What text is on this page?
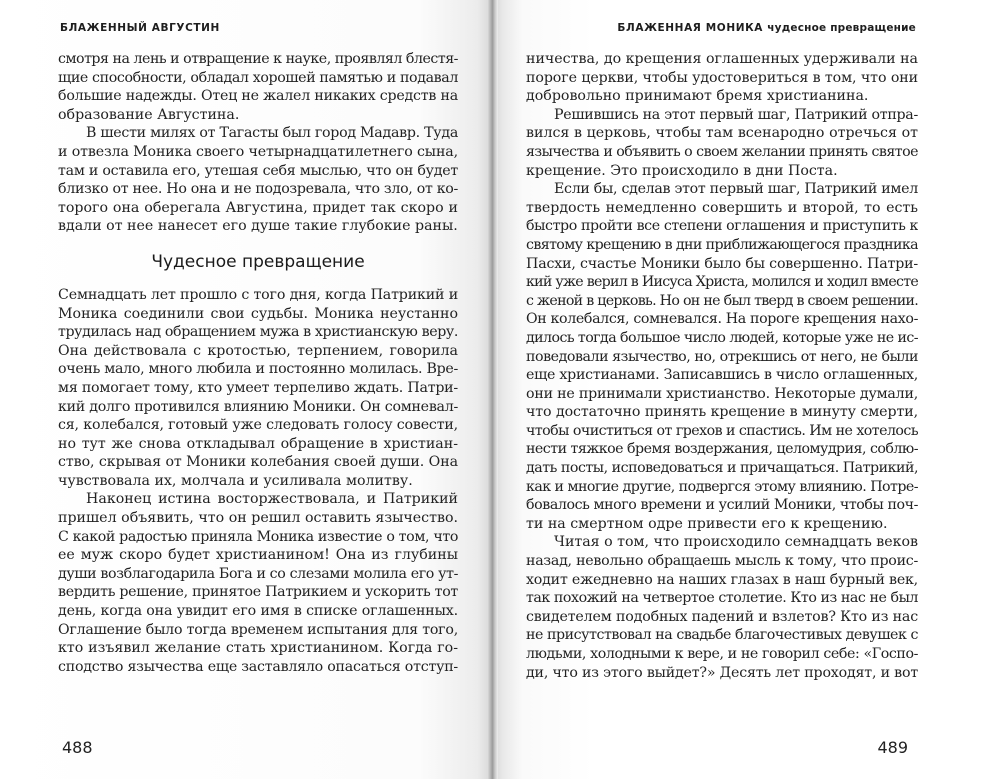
БЛАЖЕННЫЙ АВГУСТИН
смотря на лень и отвращение к науке, проявлял блестя-
щие способности, обладал хорошей памятью и подавал
большие надежды. Отец не жалел никаких средств на
образование Августина.
В шести милях от Тагасты был город Мадавр. Туда
и отвезла Моника своего четырнадцатилетнего сына,
там и оставила его, утешая себя мыслью, что он будет
близко от нее. Но она и не подозревала, что зло, от ко-
торого она оберегала Августина, придет так скоро и
вдали от нее нанесет его душе такие глубокие раны.
Чудесное превращение
Семнадцать лет прошло с того дня, когда Патрикий и
Моника соединили свои судьбы. Моника неустанно
трудилась над обращением мужа в христианскую веру.
Она действовала с кротостью, терпением, говорила
очень мало, много любила и постоянно молилась. Вре-
мя помогает тому, кто умеет терпеливо ждать. Патри-
кий долго противился влиянию Моники. Он сомневал-
ся, колебался, готовый уже следовать голосу совести,
но тут же снова откладывал обращение в христиан-
ство, скрывая от Моники колебания своей души. Она
чувствовала их, молчала и усиливала молитву.
Наконец истина восторжествовала, и Патрикий
пришел объявить, что он решил оставить язычество.
С какой радостью приняла Моника известие о том, что
ее муж скоро будет христианином! Она из глубины
души возблагодарила Бога и со слезами молила его ут-
вердить решение, принятое Патрикием и ускорить тот
день, когда она увидит его имя в списке оглашенных.
Оглашение было тогда временем испытания для того,
кто изъявил желание стать христианином. Когда го-
сподство язычества еще заставляло опасаться отступ-
488
БЛАЖЕННАЯ МОНИКА чудесное превращение
ничества, до крещения оглашенных удерживали на
пороге церкви, чтобы удостовериться в том, что они
добровольно принимают бремя христианина.
Решившись на этот первый шаг, Патрикий отпра-
вился в церковь, чтобы там всенародно отречься от
язычества и объявить о своем желании принять святое
крещение. Это происходило в дни Поста.
Если бы, сделав этот первый шаг, Патрикий имел
твердость немедленно совершить и второй, то есть
быстро пройти все степени оглашения и приступить к
святому крещению в дни приближающегося праздника
Пасхи, счастье Моники было бы совершенно. Патри-
кий уже верил в Иисуса Христа, молился и ходил вместе
с женой в церковь. Но он не был тверд в своем решении.
Он колебался, сомневался. На пороге крещения нахо-
дилось тогда большое число людей, которые уже не ис-
поведовали язычество, но, отрекшись от него, не были
еще христианами. Записавшись в число оглашенных,
они не принимали христианство. Некоторые думали,
что достаточно принять крещение в минуту смерти,
чтобы очиститься от грехов и спастись. Им не хотелось
нести тяжкое бремя воздержания, целомудрия, соблю-
дать посты, исповедоваться и причащаться. Патрикий,
как и многие другие, подвергся этому влиянию. Потре-
бовалось много времени и усилий Моники, чтобы поч-
ти на смертном одре привести его к крещению.
Читая о том, что происходило семнадцать веков
назад, невольно обращаешь мысль к тому, что проис-
ходит ежедневно на наших глазах в наш бурный век,
так похожий на четвертое столетие. Кто из нас не был
свидетелем подобных падений и взлетов? Кто из нас
не присутствовал на свадьбе благочестивых девушек с
людьми, холодными к вере, и не говорил себе: «Госпо-
ди, что из этого выйдет?» Десять лет проходят, и вот
489
